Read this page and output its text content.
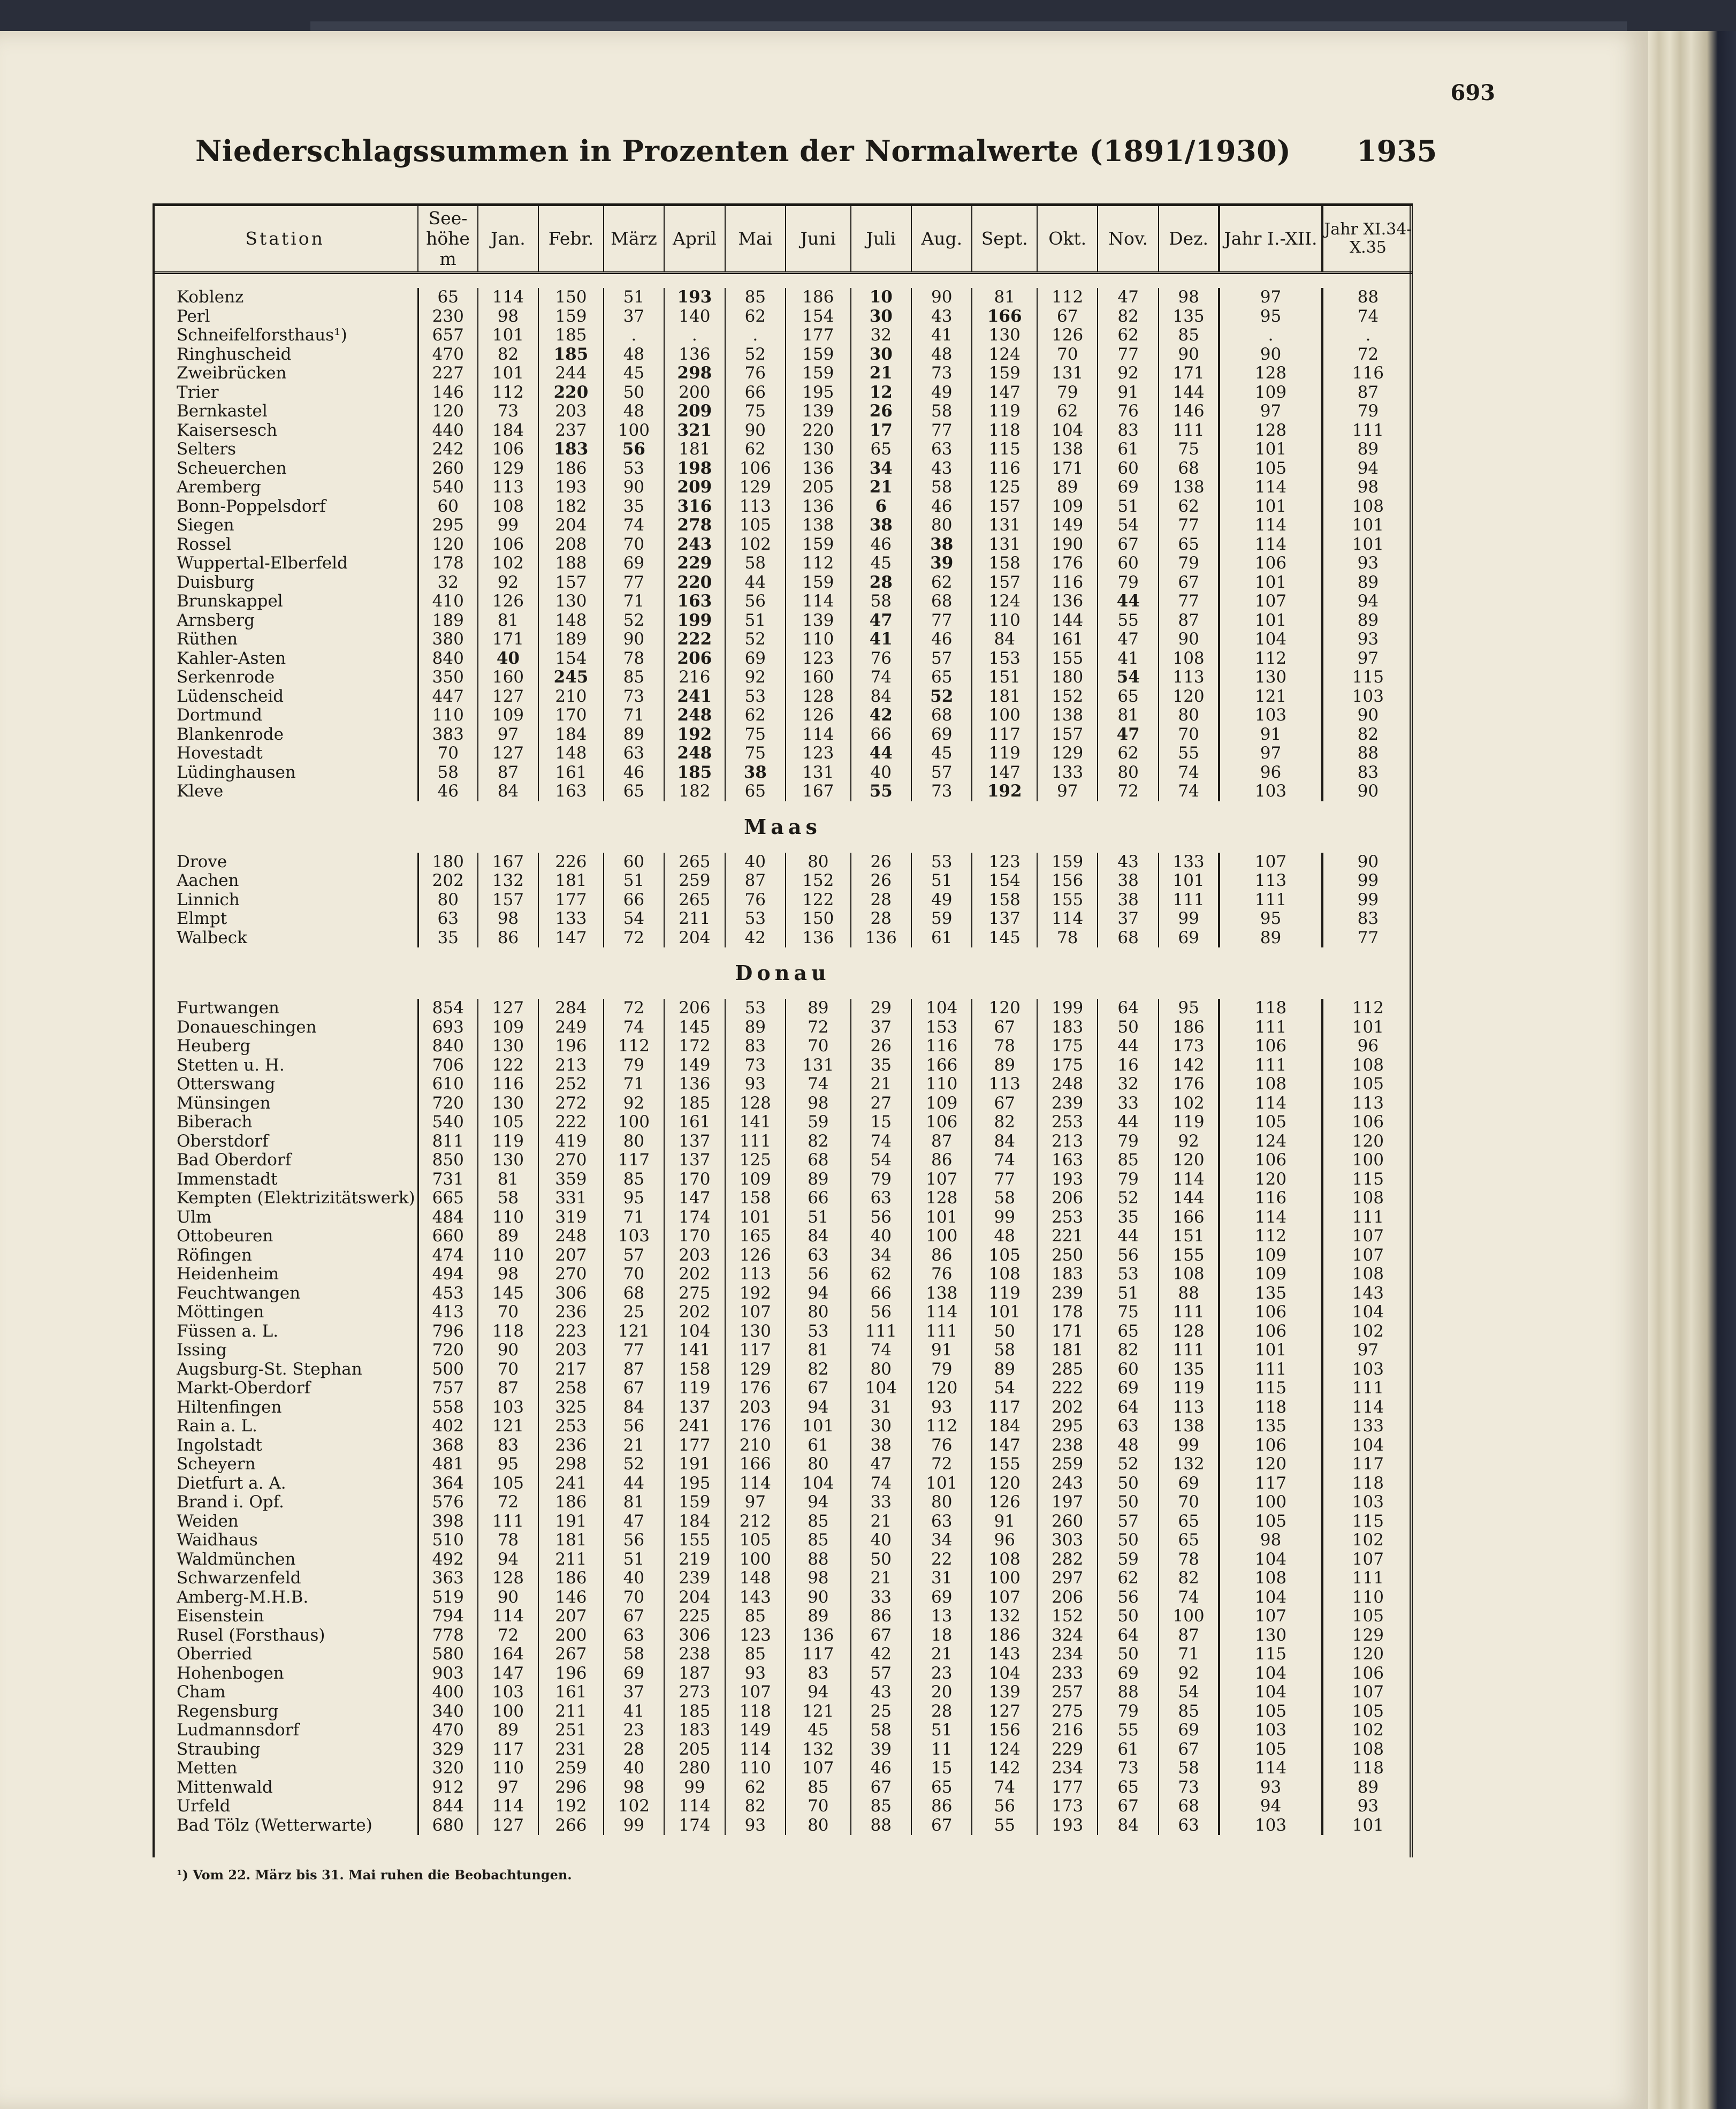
693
Niederschlagssummen in Prozenten der Normalwerte (1891/1930) 1935
Station	See-höhe m	Jan.	Febr.	März	April	Mai	Juni	Juli	Aug.	Sept.	Okt.	Nov.	Dez.	Jahr I.-XII.	Jahr XI.34-X.35

Koblenz	65	114	150	51	193	85	186	10	90	81	112	47	98	97	88
Perl	230	98	159	37	140	62	154	30	43	166	67	82	135	95	74
Schneifelforsthaus¹)	657	101	185	.	.	.	177	32	41	130	126	62	85	.	.
Ringhuscheid	470	82	185	48	136	52	159	30	48	124	70	77	90	90	72
Zweibrücken	227	101	244	45	298	76	159	21	73	159	131	92	171	128	116
Trier	146	112	220	50	200	66	195	12	49	147	79	91	144	109	87
Bernkastel	120	73	203	48	209	75	139	26	58	119	62	76	146	97	79
Kaisersesch	440	184	237	100	321	90	220	17	77	118	104	83	111	128	111
Selters	242	106	183	56	181	62	130	65	63	115	138	61	75	101	89
Scheuerchen	260	129	186	53	198	106	136	34	43	116	171	60	68	105	94
Aremberg	540	113	193	90	209	129	205	21	58	125	89	69	138	114	98
Bonn-Poppelsdorf	60	108	182	35	316	113	136	6	46	157	109	51	62	101	108
Siegen	295	99	204	74	278	105	138	38	80	131	149	54	77	114	101
Rossel	120	106	208	70	243	102	159	46	38	131	190	67	65	114	101
Wuppertal-Elberfeld	178	102	188	69	229	58	112	45	39	158	176	60	79	106	93
Duisburg	32	92	157	77	220	44	159	28	62	157	116	79	67	101	89
Brunskappel	410	126	130	71	163	56	114	58	68	124	136	44	77	107	94
Arnsberg	189	81	148	52	199	51	139	47	77	110	144	55	87	101	89
Rüthen	380	171	189	90	222	52	110	41	46	84	161	47	90	104	93
Kahler-Asten	840	40	154	78	206	69	123	76	57	153	155	41	108	112	97
Serkenrode	350	160	245	85	216	92	160	74	65	151	180	54	113	130	115
Lüdenscheid	447	127	210	73	241	53	128	84	52	181	152	65	120	121	103
Dortmund	110	109	170	71	248	62	126	42	68	100	138	81	80	103	90
Blankenrode	383	97	184	89	192	75	114	66	69	117	157	47	70	91	82
Hovestadt	70	127	148	63	248	75	123	44	45	119	129	62	55	97	88
Lüdinghausen	58	87	161	46	185	38	131	40	57	147	133	80	74	96	83
Kleve	46	84	163	65	182	65	167	55	73	192	97	72	74	103	90
Maas															
Drove	180	167	226	60	265	40	80	26	53	123	159	43	133	107	90
Aachen	202	132	181	51	259	87	152	26	51	154	156	38	101	113	99
Linnich	80	157	177	66	265	76	122	28	49	158	155	38	111	111	99
Elmpt	63	98	133	54	211	53	150	28	59	137	114	37	99	95	83
Walbeck	35	86	147	72	204	42	136	136	61	145	78	68	69	89	77
Donau															
Furtwangen	854	127	284	72	206	53	89	29	104	120	199	64	95	118	112
Donaueschingen	693	109	249	74	145	89	72	37	153	67	183	50	186	111	101
Heuberg	840	130	196	112	172	83	70	26	116	78	175	44	173	106	96
Stetten u. H.	706	122	213	79	149	73	131	35	166	89	175	16	142	111	108
Otterswang	610	116	252	71	136	93	74	21	110	113	248	32	176	108	105
Münsingen	720	130	272	92	185	128	98	27	109	67	239	33	102	114	113
Biberach	540	105	222	100	161	141	59	15	106	82	253	44	119	105	106
Oberstdorf	811	119	419	80	137	111	82	74	87	84	213	79	92	124	120
Bad Oberdorf	850	130	270	117	137	125	68	54	86	74	163	85	120	106	100
Immenstadt	731	81	359	85	170	109	89	79	107	77	193	79	114	120	115
Kempten (Elektrizitätswerk)	665	58	331	95	147	158	66	63	128	58	206	52	144	116	108
Ulm	484	110	319	71	174	101	51	56	101	99	253	35	166	114	111
Ottobeuren	660	89	248	103	170	165	84	40	100	48	221	44	151	112	107
Röfingen	474	110	207	57	203	126	63	34	86	105	250	56	155	109	107
Heidenheim	494	98	270	70	202	113	56	62	76	108	183	53	108	109	108
Feuchtwangen	453	145	306	68	275	192	94	66	138	119	239	51	88	135	143
Möttingen	413	70	236	25	202	107	80	56	114	101	178	75	111	106	104
Füssen a. L.	796	118	223	121	104	130	53	111	111	50	171	65	128	106	102
Issing	720	90	203	77	141	117	81	74	91	58	181	82	111	101	97
Augsburg-St. Stephan	500	70	217	87	158	129	82	80	79	89	285	60	135	111	103
Markt-Oberdorf	757	87	258	67	119	176	67	104	120	54	222	69	119	115	111
Hiltenfingen	558	103	325	84	137	203	94	31	93	117	202	64	113	118	114
Rain a. L.	402	121	253	56	241	176	101	30	112	184	295	63	138	135	133
Ingolstadt	368	83	236	21	177	210	61	38	76	147	238	48	99	106	104
Scheyern	481	95	298	52	191	166	80	47	72	155	259	52	132	120	117
Dietfurt a. A.	364	105	241	44	195	114	104	74	101	120	243	50	69	117	118
Brand i. Opf.	576	72	186	81	159	97	94	33	80	126	197	50	70	100	103
Weiden	398	111	191	47	184	212	85	21	63	91	260	57	65	105	115
Waidhaus	510	78	181	56	155	105	85	40	34	96	303	50	65	98	102
Waldmünchen	492	94	211	51	219	100	88	50	22	108	282	59	78	104	107
Schwarzenfeld	363	128	186	40	239	148	98	21	31	100	297	62	82	108	111
Amberg-M.H.B.	519	90	146	70	204	143	90	33	69	107	206	56	74	104	110
Eisenstein	794	114	207	67	225	85	89	86	13	132	152	50	100	107	105
Rusel (Forsthaus)	778	72	200	63	306	123	136	67	18	186	324	64	87	130	129
Oberried	580	164	267	58	238	85	117	42	21	143	234	50	71	115	120
Hohenbogen	903	147	196	69	187	93	83	57	23	104	233	69	92	104	106
Cham	400	103	161	37	273	107	94	43	20	139	257	88	54	104	107
Regensburg	340	100	211	41	185	118	121	25	28	127	275	79	85	105	105
Ludmannsdorf	470	89	251	23	183	149	45	58	51	156	216	55	69	103	102
Straubing	329	117	231	28	205	114	132	39	11	124	229	61	67	105	108
Metten	320	110	259	40	280	110	107	46	15	142	234	73	58	114	118
Mittenwald	912	97	296	98	99	62	85	67	65	74	177	65	73	93	89
Urfeld	844	114	192	102	114	82	70	85	86	56	173	67	68	94	93
Bad Tölz (Wetterwarte)	680	127	266	99	174	93	80	88	67	55	193	84	63	103	101
¹) Vom 22. März bis 31. Mai ruhen die Beobachtungen.
